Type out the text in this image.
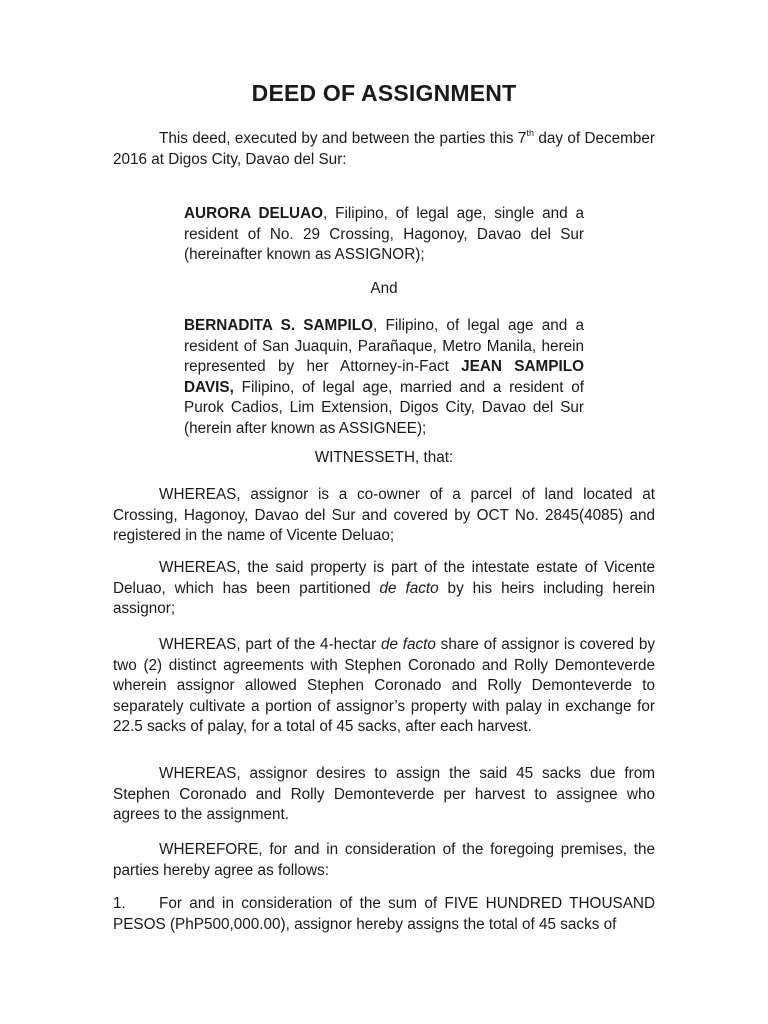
DEED OF ASSIGNMENT

This deed, executed by and between the parties this 7th day of December 2016 at Digos City, Davao del Sur:

AURORA DELUAO, Filipino, of legal age, single and a resident of No. 29 Crossing, Hagonoy, Davao del Sur (hereinafter known as ASSIGNOR);

And

BERNADITA S. SAMPILO, Filipino, of legal age and a resident of San Juaquin, Parañaque, Metro Manila, herein represented by her Attorney-in-Fact JEAN SAMPILO DAVIS, Filipino, of legal age, married and a resident of Purok Cadios, Lim Extension, Digos City, Davao del Sur (herein after known as ASSIGNEE);

WITNESSETH, that:

WHEREAS, assignor is a co-owner of a parcel of land located at Crossing, Hagonoy, Davao del Sur and covered by OCT No. 2845(4085) and registered in the name of Vicente Deluao;

WHEREAS, the said property is part of the intestate estate of Vicente Deluao, which has been partitioned de facto by his heirs including herein assignor;

WHEREAS, part of the 4-hectar de facto share of assignor is covered by two (2) distinct agreements with Stephen Coronado and Rolly Demonteverde wherein assignor allowed Stephen Coronado and Rolly Demonteverde to separately cultivate a portion of assignor’s property with palay in exchange for 22.5 sacks of palay, for a total of 45 sacks, after each harvest.

WHEREAS, assignor desires to assign the said 45 sacks due from Stephen Coronado and Rolly Demonteverde per harvest to assignee who agrees to the assignment.

WHEREFORE, for and in consideration of the foregoing premises, the parties hereby agree as follows:

1. For and in consideration of the sum of FIVE HUNDRED THOUSAND PESOS (PhP500,000.00), assignor hereby assigns the total of 45 sacks of
